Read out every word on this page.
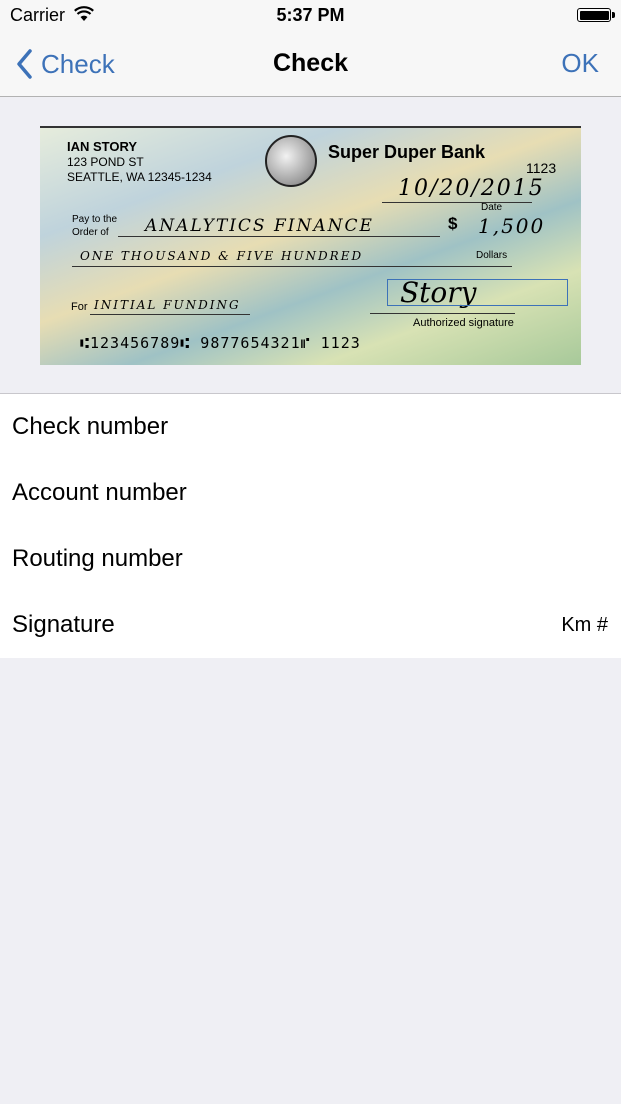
Carrier	5:37 PM
Check	Check	OK
IAN STORY
123 POND ST
SEATTLE, WA 12345-1234
Super Duper Bank
1123
10/20/2015
Date
Pay to the
Order of ANALYTICS FINANCE	$ 1,500
ONE THOUSAND & FIVE HUNDRED	Dollars
For INITIAL FUNDING	Story
Authorized signature
⑆123456789⑆ 9877654321⑈ 1123
Check number
Account number
Routing number
Signature	Km #
